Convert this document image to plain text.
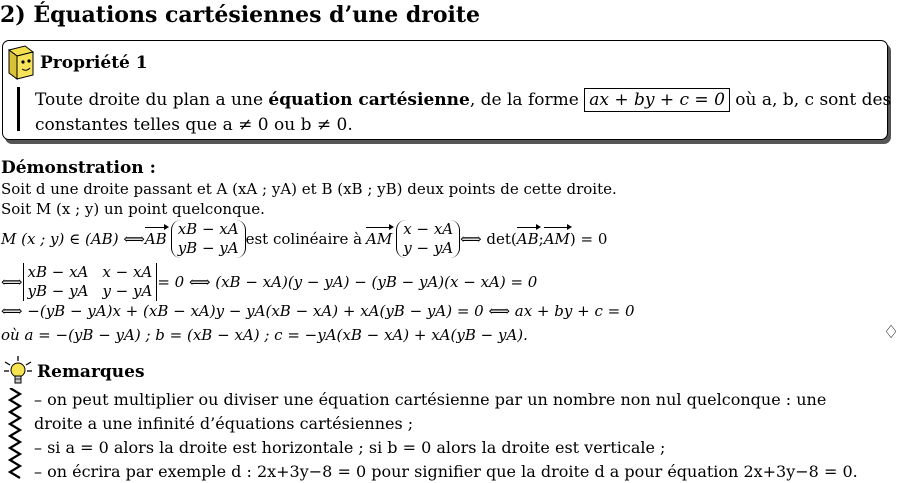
2) Équations cartésiennes d’une droite
Propriété 1
Toute droite du plan a une équation cartésienne, de la forme ax + by + c = 0 où a, b, c sont des
constantes telles que a ≠ 0 ou b ≠ 0.
Démonstration :
Soit d une droite passant et A (xA ; yA) et B (xB ; yB) deux points de cette droite.
Soit M (x ; y) un point quelconque.
M (x ; y) ∈ (AB) ⟺ AB
xB − xA
yB − yA est colinéaire à AM
x − xA
y − yA ⟺ det( AB ; AM ) = 0
⟺
xB − xA x − xA
yB − yA y − yA = 0 ⟺ (xB − xA)(y − yA) − (yB − yA)(x − xA) = 0
⟺ −(yB − yA)x + (xB − xA)y − yA(xB − xA) + xA(yB − yA) = 0 ⟺ ax + by + c = 0
où a = −(yB − yA) ; b = (xB − xA) ; c = −yA(xB − xA) + xA(yB − yA).	♢
Remarques
– on peut multiplier ou diviser une équation cartésienne par un nombre non nul quelconque : une
droite a une infinité d’équations cartésiennes ;
– si a = 0 alors la droite est horizontale ; si b = 0 alors la droite est verticale ;
– on écrira par exemple d : 2x+3y−8 = 0 pour signifier que la droite d a pour équation 2x+3y−8 = 0.
